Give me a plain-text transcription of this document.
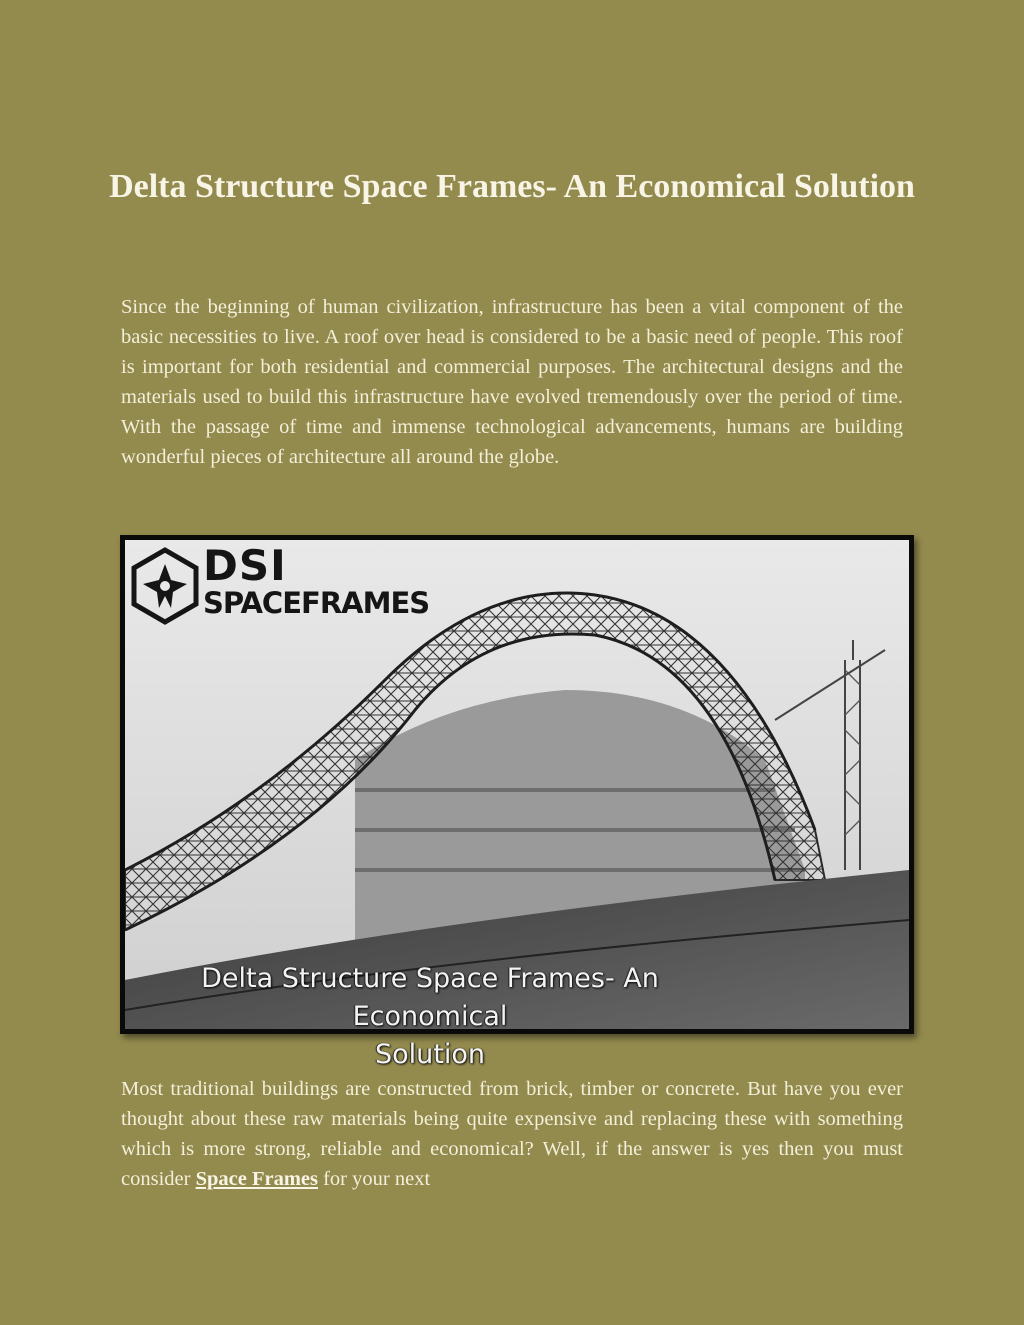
Delta Structure Space Frames- An Economical Solution

Since the beginning of human civilization, infrastructure has been a vital component of the basic necessities to live. A roof over head is considered to be a basic need of people. This roof is important for both residential and commercial purposes. The architectural designs and the materials used to build this infrastructure have evolved tremendously over the period of time. With the passage of time and immense technological advancements, humans are building wonderful pieces of architecture all around the globe.

DSI
SPACEFRAMES
Delta Structure Space Frames- An Economical
Solution

Most traditional buildings are constructed from brick, timber or concrete. But have you ever thought about these raw materials being quite expensive and replacing these with something which is more strong, reliable and economical? Well, if the answer is yes then you must consider Space Frames for your next
